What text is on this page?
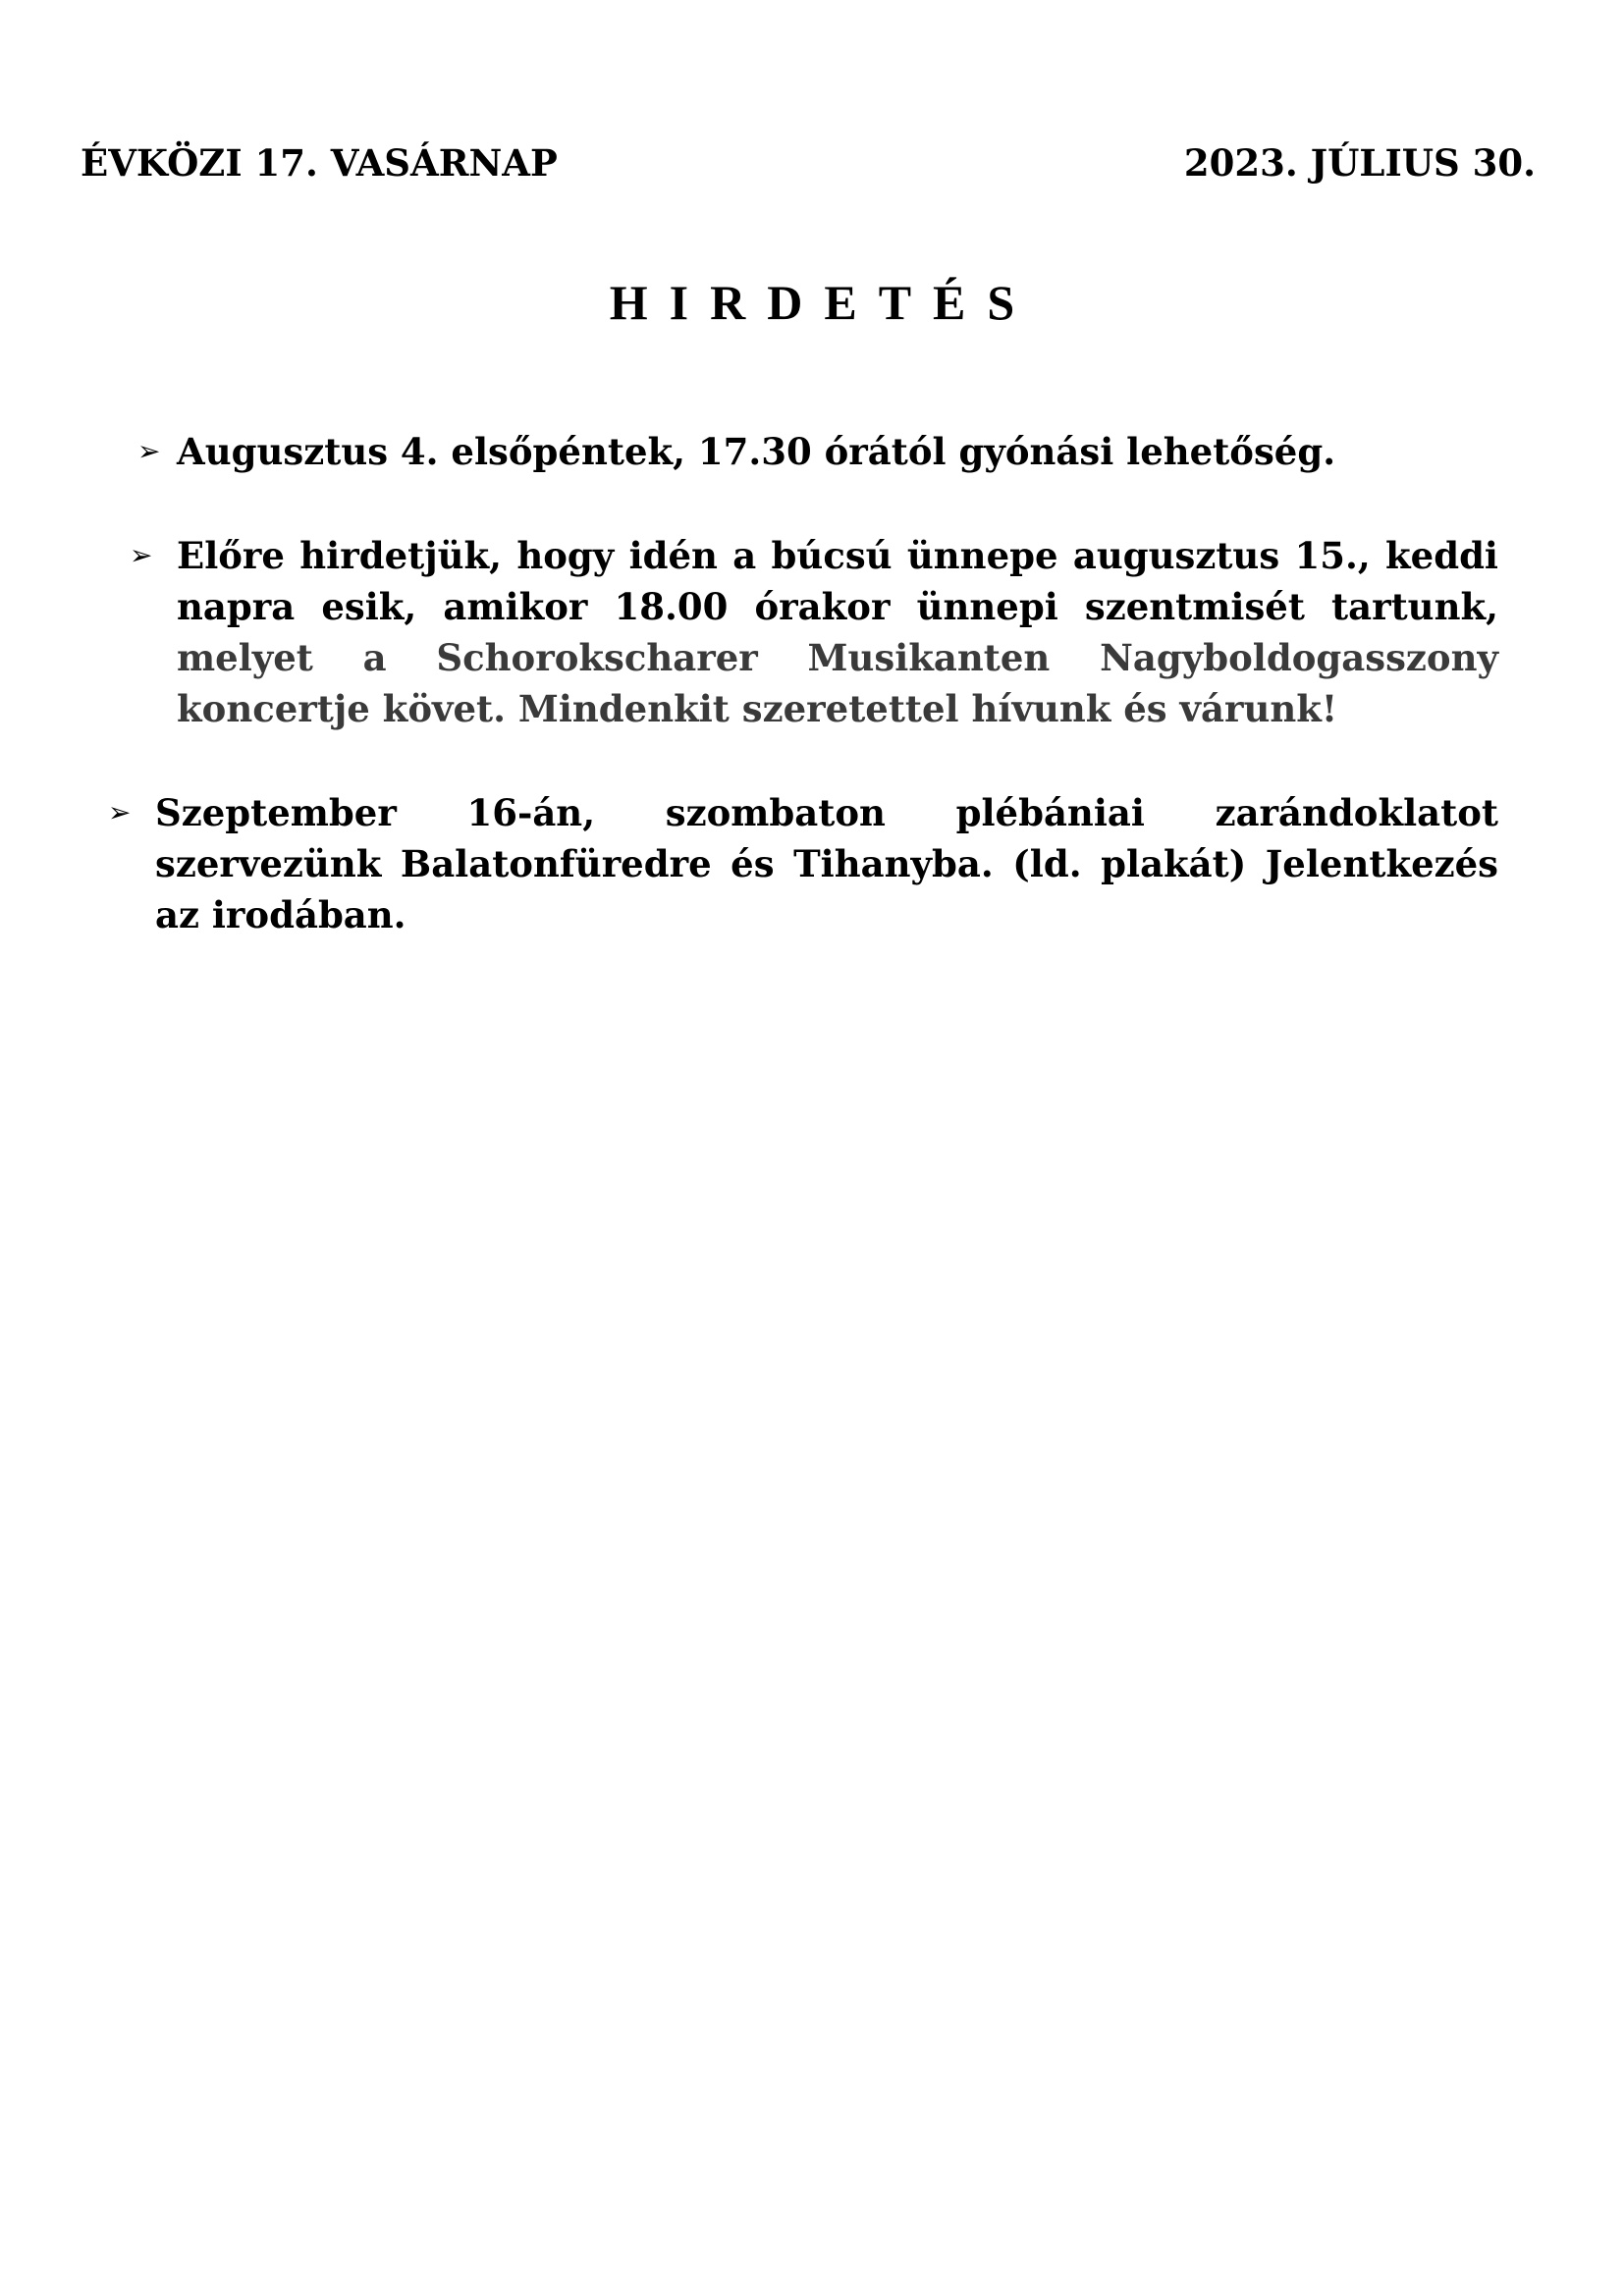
ÉVKÖZI 17. VASÁRNAP	2023. JÚLIUS 30.
HIRDETÉS
➢ Augusztus 4. elsőpéntek, 17.30 órától gyónási lehetőség.
➢ Előre hirdetjük, hogy idén a búcsú ünnepe augusztus 15., keddi napra esik, amikor 18.00 órakor ünnepi szentmisét tartunk, melyet a Schorokscharer Musikanten Nagyboldogasszony koncertje követ. Mindenkit szeretettel hívunk és várunk!
➢ Szeptember 16-án, szombaton plébániai zarándoklatot szervezünk Balatonfüredre és Tihanyba. (ld. plakát) Jelentkezés az irodában.
